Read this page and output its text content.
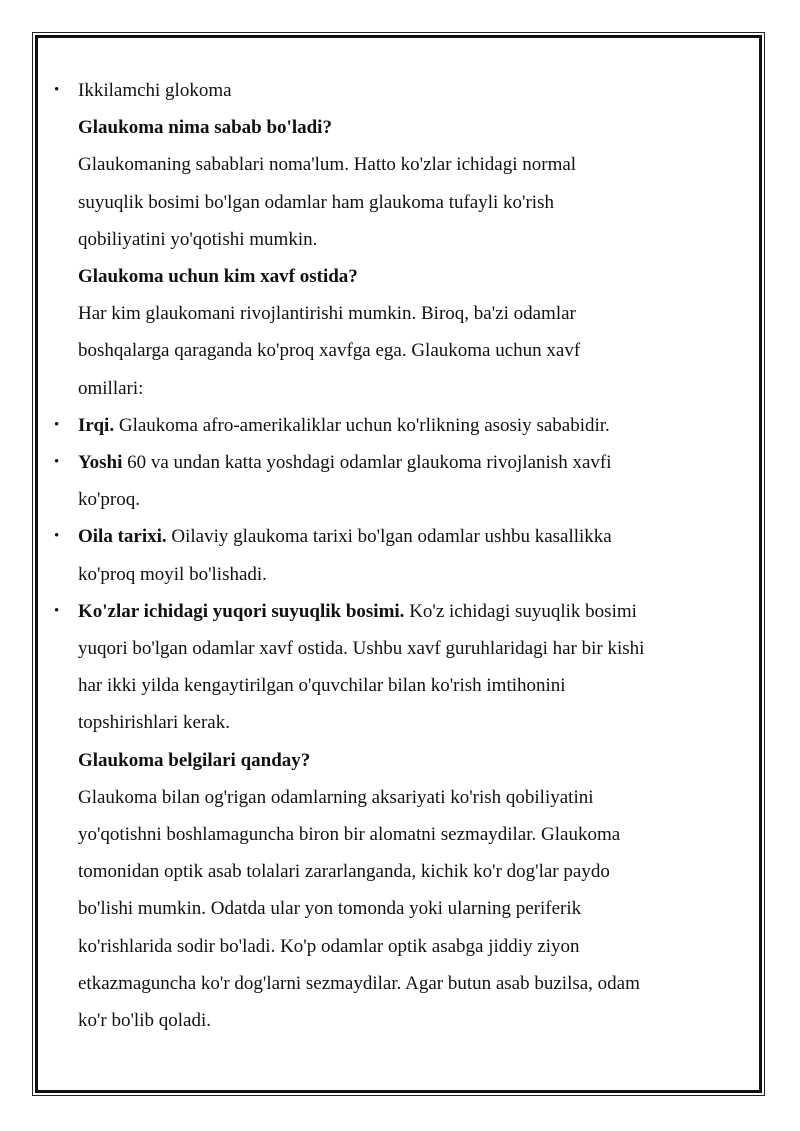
• Ikkilamchi glokoma

Glaukoma nima sabab bo'ladi?

Glaukomaning sabablari noma'lum. Hatto ko'zlar ichidagi normal

suyuqlik bosimi bo'lgan odamlar ham glaukoma tufayli ko'rish

qobiliyatini yo'qotishi mumkin.

Glaukoma uchun kim xavf ostida?

Har kim glaukomani rivojlantirishi mumkin. Biroq, ba'zi odamlar

boshqalarga qaraganda ko'proq xavfga ega. Glaukoma uchun xavf

omillari:

• Irqi. Glaukoma afro-amerikaliklar uchun ko'rlikning asosiy sababidir.

• Yoshi 60 va undan katta yoshdagi odamlar glaukoma rivojlanish xavfi

ko'proq.

• Oila tarixi. Oilaviy glaukoma tarixi bo'lgan odamlar ushbu kasallikka

ko'proq moyil bo'lishadi.

• Ko'zlar ichidagi yuqori suyuqlik bosimi. Ko'z ichidagi suyuqlik bosimi

yuqori bo'lgan odamlar xavf ostida. Ushbu xavf guruhlaridagi har bir kishi

har ikki yilda kengaytirilgan o'quvchilar bilan ko'rish imtihonini

topshirishlari kerak.

Glaukoma belgilari qanday?

Glaukoma bilan og'rigan odamlarning aksariyati ko'rish qobiliyatini

yo'qotishni boshlamaguncha biron bir alomatni sezmaydilar. Glaukoma

tomonidan optik asab tolalari zararlanganda, kichik ko'r dog'lar paydo

bo'lishi mumkin. Odatda ular yon tomonda yoki ularning periferik

ko'rishlarida sodir bo'ladi. Ko'p odamlar optik asabga jiddiy ziyon

etkazmaguncha ko'r dog'larni sezmaydilar. Agar butun asab buzilsa, odam

ko'r bo'lib qoladi.
